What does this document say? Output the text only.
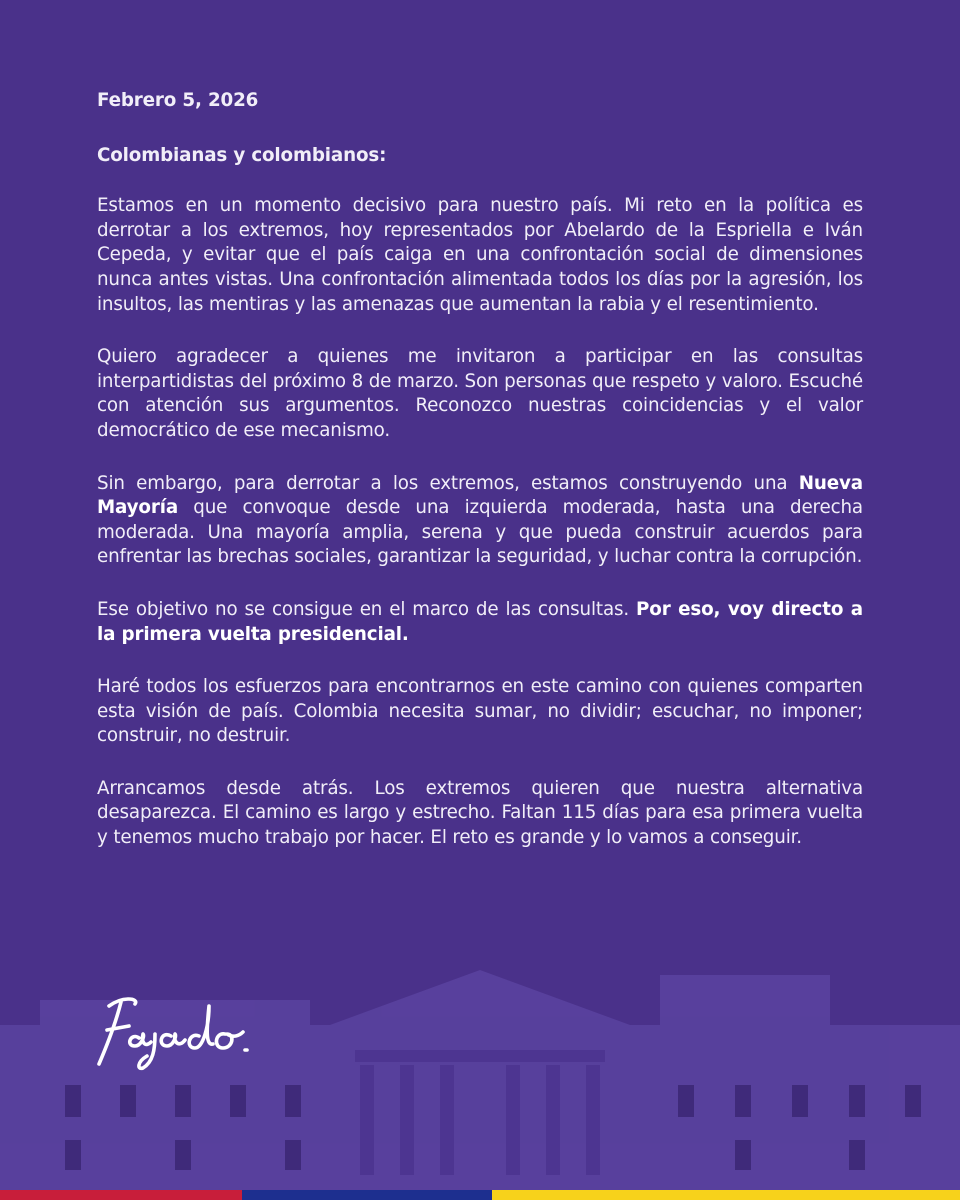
Febrero 5, 2026

Colombianas y colombianos:

Estamos en un momento decisivo para nuestro país. Mi reto en la política es derrotar a los extremos, hoy representados por Abelardo de la Espriella e Iván Cepeda, y evitar que el país caiga en una confrontación social de dimensiones nunca antes vistas. Una confrontación alimentada todos los días por la agresión, los insultos, las mentiras y las amenazas que aumentan la rabia y el resentimiento.

Quiero agradecer a quienes me invitaron a participar en las consultas interpartidistas del próximo 8 de marzo. Son personas que respeto y valoro. Escuché con atención sus argumentos. Reconozco nuestras coincidencias y el valor democrático de ese mecanismo.

Sin embargo, para derrotar a los extremos, estamos construyendo una Nueva Mayoría que convoque desde una izquierda moderada, hasta una derecha moderada. Una mayoría amplia, serena y que pueda construir acuerdos para enfrentar las brechas sociales, garantizar la seguridad, y luchar contra la corrupción.

Ese objetivo no se consigue en el marco de las consultas. Por eso, voy directo a la primera vuelta presidencial.

Haré todos los esfuerzos para encontrarnos en este camino con quienes comparten esta visión de país. Colombia necesita sumar, no dividir; escuchar, no imponer; construir, no destruir.

Arrancamos desde atrás. Los extremos quieren que nuestra alternativa desaparezca. El camino es largo y estrecho. Faltan 115 días para esa primera vuelta y tenemos mucho trabajo por hacer. El reto es grande y lo vamos a conseguir.
